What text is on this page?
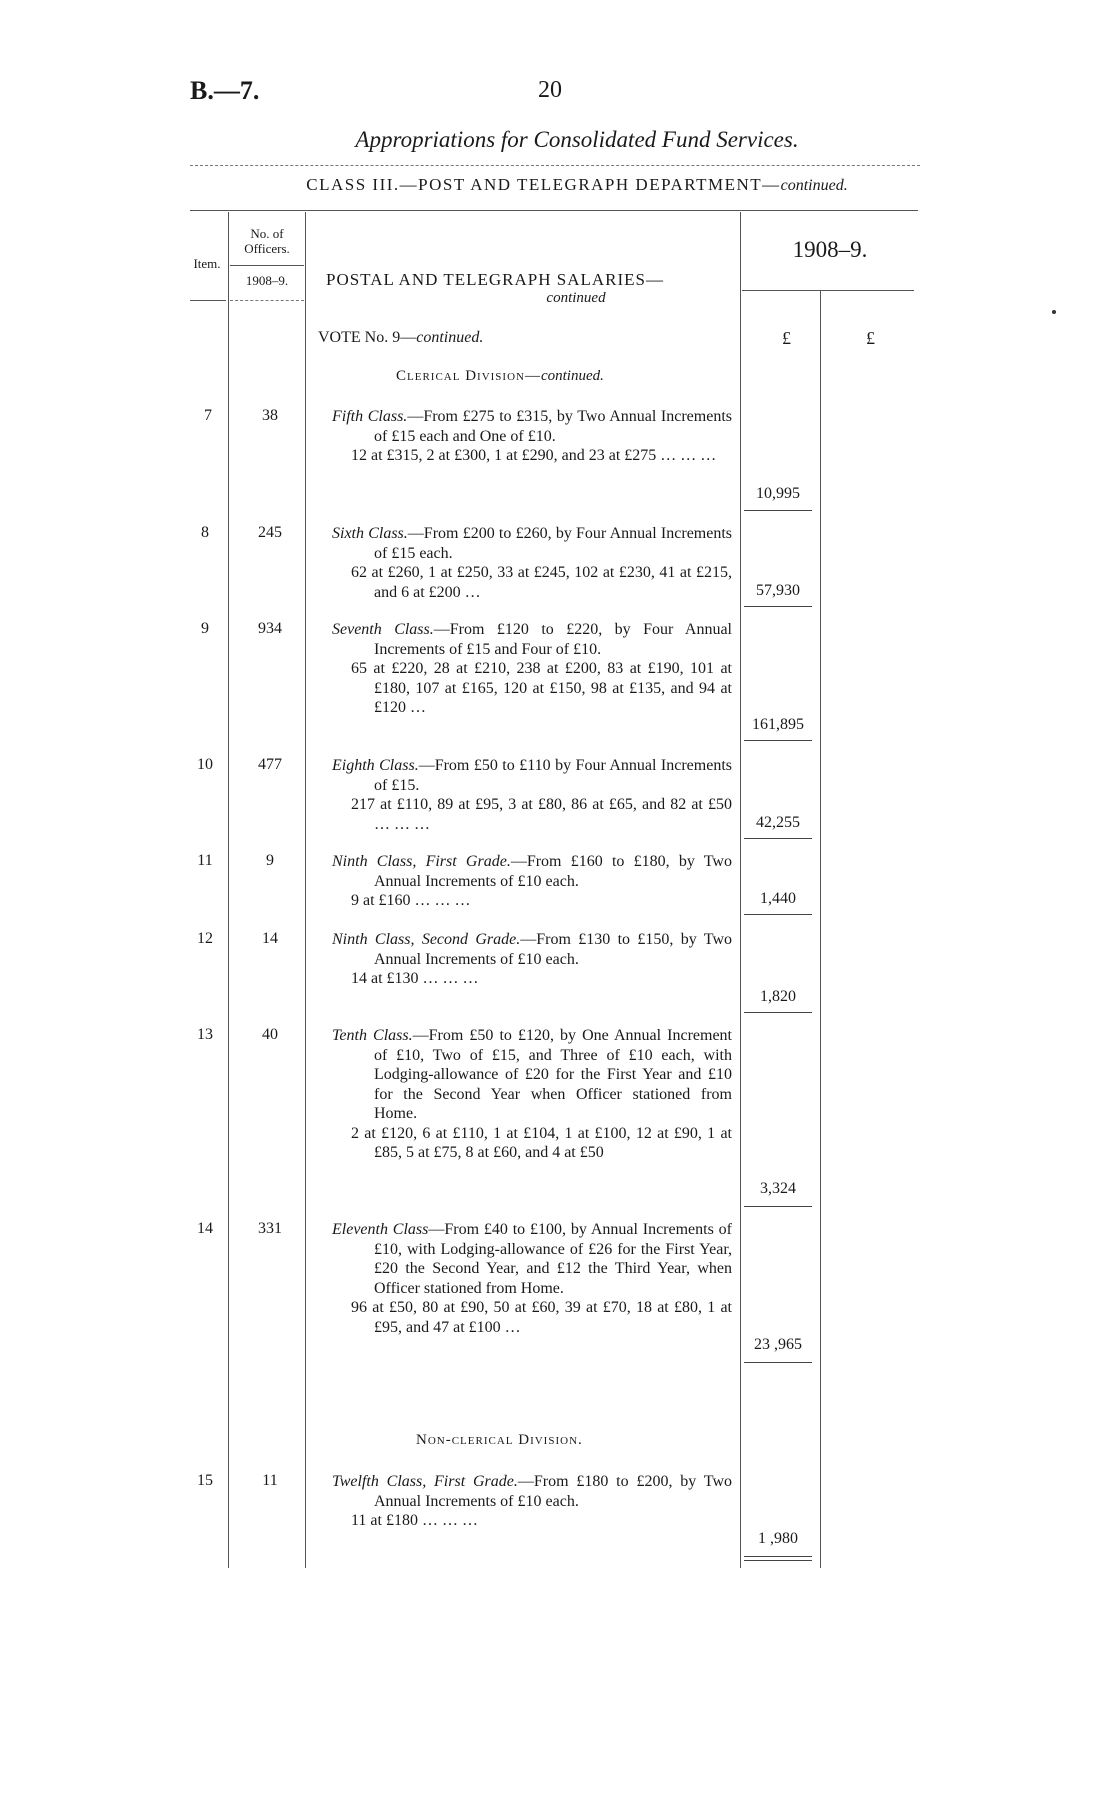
B.—7.	20
Appropriations for Consolidated Fund Services.
CLASS III.—POST AND TELEGRAPH DEPARTMENT—continued.
Item.
No. of
Officers.
1908–9.	POSTAL AND TELEGRAPH SALARIES—
continued
1908–9.
VOTE No. 9—continued.	£	£
Clerical Division—continued.
7	38	Fifth Class.—From £275 to £315, by Two Annual Increments of £15 each and One of £10.
12 at £315, 2 at £300, 1 at £290, and 23 at £275 … … …
10,995
8	245	Sixth Class.—From £200 to £260, by Four Annual Increments of £15 each.
62 at £260, 1 at £250, 33 at £245, 102 at £230, 41 at £215, and 6 at £200 …	57,930
9	934	Seventh Class.—From £120 to £220, by Four Annual Increments of £15 and Four of £10.
65 at £220, 28 at £210, 238 at £200, 83 at £190, 101 at £180, 107 at £165, 120 at £150, 98 at £135, and 94 at £120 …
161,895
10	477	Eighth Class.—From £50 to £110 by Four Annual Increments of £15.
217 at £110, 89 at £95, 3 at £80, 86 at £65, and 82 at £50 … … …	42,255
11	9	Ninth Class, First Grade.—From £160 to £180, by Two Annual Increments of £10 each.
9 at £160 … … …	1,440
12	14	Ninth Class, Second Grade.—From £130 to £150, by Two Annual Increments of £10 each.
14 at £130 … … …
1,820
13	40	Tenth Class.—From £50 to £120, by One Annual Increment of £10, Two of £15, and Three of £10 each, with Lodging-allowance of £20 for the First Year and £10 for the Second Year when Officer stationed from Home.
2 at £120, 6 at £110, 1 at £104, 1 at £100, 12 at £90, 1 at £85, 5 at £75, 8 at £60, and 4 at £50
3,324
14	331	Eleventh Class—From £40 to £100, by Annual Increments of £10, with Lodging-allowance of £26 for the First Year, £20 the Second Year, and £12 the Third Year, when Officer stationed from Home.
96 at £50, 80 at £90, 50 at £60, 39 at £70, 18 at £80, 1 at £95, and 47 at £100 …
23 ,965
Non-clerical Division.
15	11	Twelfth Class, First Grade.—From £180 to £200, by Two Annual Increments of £10 each.
11 at £180 … … …
1 ,980
